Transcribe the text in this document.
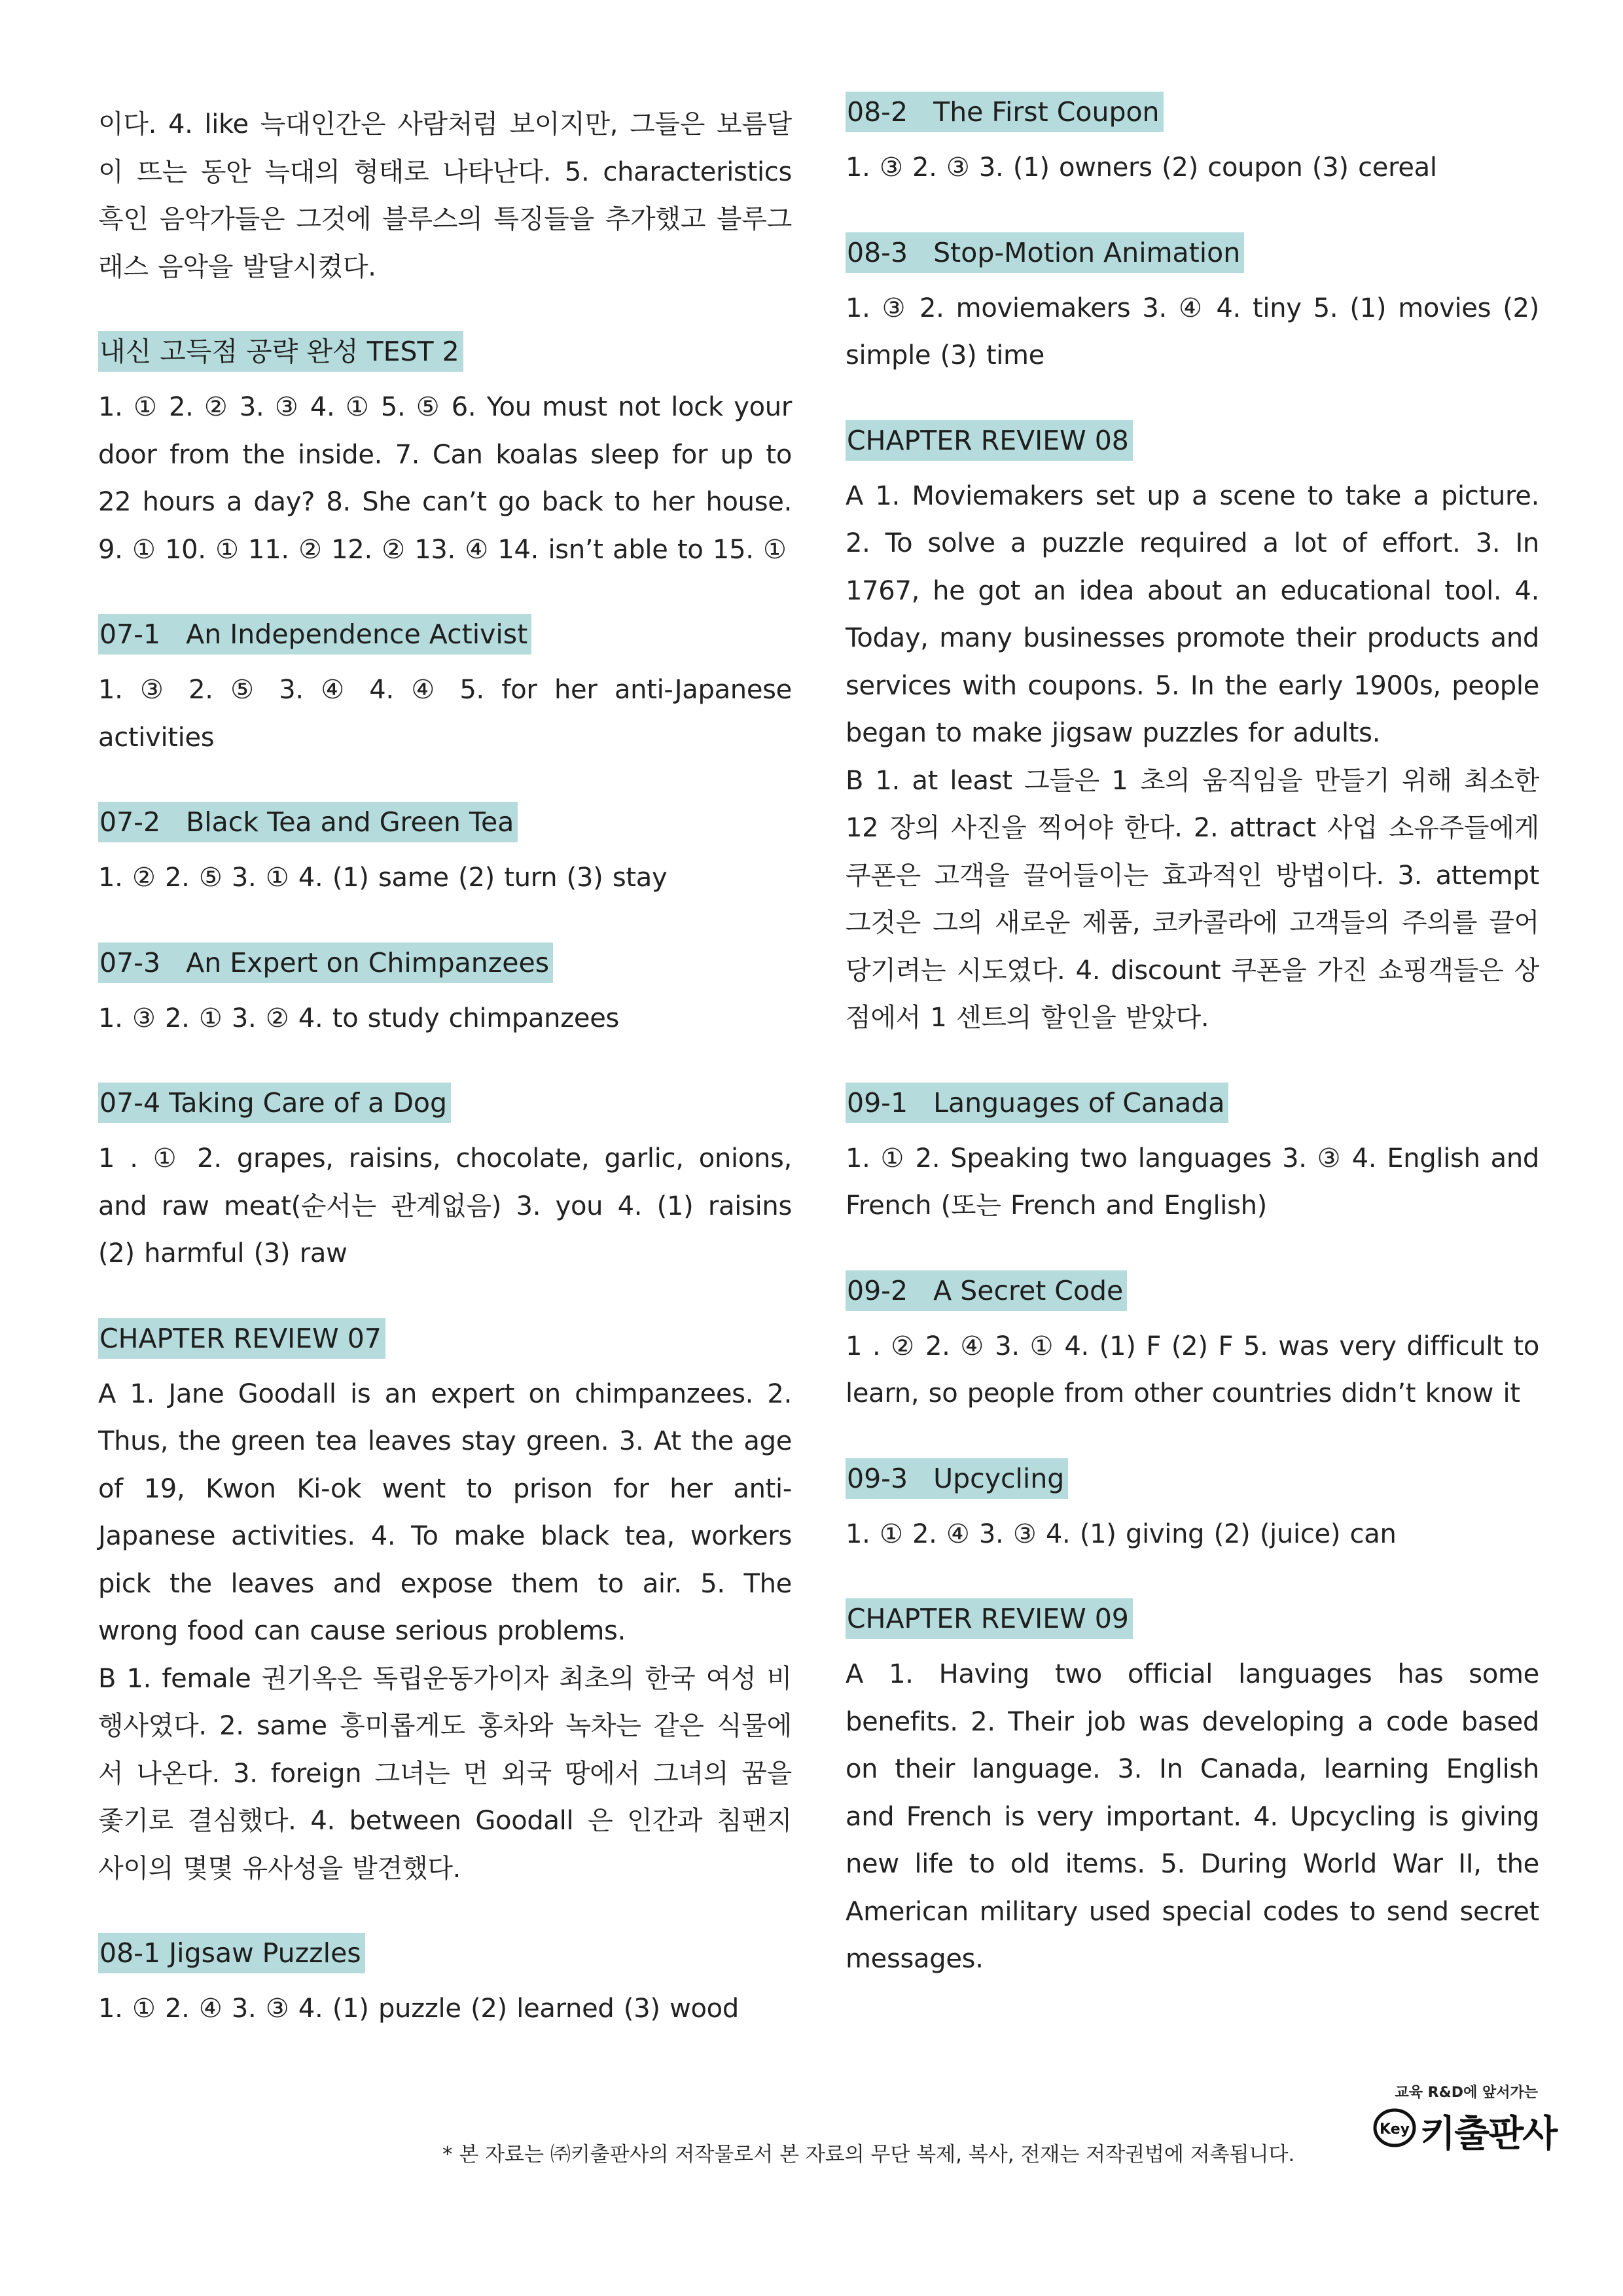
이다. 4. like 늑대인간은 사람처럼 보이지만, 그들은 보름달이 뜨는 동안 늑대의 형태로 나타난다. 5. characteristics 흑인 음악가들은 그것에 블루스의 특징들을 추가했고 블루그래스 음악을 발달시켰다.

내신 고득점 공략 완성 TEST 2

1. ① 2. ② 3. ③ 4. ① 5. ⑤ 6. You must not lock your door from the inside. 7. Can koalas sleep for up to 22 hours a day? 8. She can’t go back to her house. 9. ① 10. ① 11. ② 12. ② 13. ④ 14. isn’t able to 15. ①

07-1   An Independence Activist

1. ③ 2. ⑤ 3. ④ 4. ④ 5. for her anti-Japanese activities

07-2   Black Tea and Green Tea

1. ② 2. ⑤ 3. ① 4. (1) same (2) turn (3) stay

07-3   An Expert on Chimpanzees

1. ③ 2. ① 3. ② 4. to study chimpanzees

07-4 Taking Care of a Dog

1 . ① 2. grapes, raisins, chocolate, garlic, onions, and raw meat(순서는 관계없음) 3. you 4. (1) raisins (2) harmful (3) raw

CHAPTER REVIEW 07

A 1. Jane Goodall is an expert on chimpanzees. 2. Thus, the green tea leaves stay green. 3. At the age of 19, Kwon Ki-ok went to prison for her anti-Japanese activities. 4. To make black tea, workers pick the leaves and expose them to air. 5. The wrong food can cause serious problems.

B 1. female 권기옥은 독립운동가이자 최초의 한국 여성 비행사였다. 2. same 흥미롭게도 홍차와 녹차는 같은 식물에서 나온다. 3. foreign 그녀는 먼 외국 땅에서 그녀의 꿈을 좇기로 결심했다. 4. between Goodall 은 인간과 침팬지 사이의 몇몇 유사성을 발견했다.

08-1 Jigsaw Puzzles

1. ① 2. ④ 3. ③ 4. (1) puzzle (2) learned (3) wood

08-2   The First Coupon

1. ③ 2. ③ 3. (1) owners (2) coupon (3) cereal

08-3   Stop-Motion Animation

1. ③ 2. moviemakers 3. ④ 4. tiny 5. (1) movies (2) simple (3) time

CHAPTER REVIEW 08

A 1. Moviemakers set up a scene to take a picture. 2. To solve a puzzle required a lot of effort. 3. In 1767, he got an idea about an educational tool. 4. Today, many businesses promote their products and services with coupons. 5. In the early 1900s, people began to make jigsaw puzzles for adults.

B 1. at least 그들은 1 초의 움직임을 만들기 위해 최소한 12 장의 사진을 찍어야 한다. 2. attract 사업 소유주들에게 쿠폰은 고객을 끌어들이는 효과적인 방법이다. 3. attempt 그것은 그의 새로운 제품, 코카콜라에 고객들의 주의를 끌어당기려는 시도였다. 4. discount 쿠폰을 가진 쇼핑객들은 상점에서 1 센트의 할인을 받았다.

09-1   Languages of Canada

1. ① 2. Speaking two languages 3. ③ 4. English and French (또는 French and English)

09-2   A Secret Code

1 . ② 2. ④ 3. ① 4. (1) F (2) F 5. was very difficult to learn, so people from other countries didn’t know it

09-3   Upcycling

1. ① 2. ④ 3. ③ 4. (1) giving (2) (juice) can

CHAPTER REVIEW 09

A 1. Having two official languages has some benefits. 2. Their job was developing a code based on their language. 3. In Canada, learning English and French is very important. 4. Upcycling is giving new life to old items. 5. During World War II, the American military used special codes to send secret messages.

* 본 자료는 ㈜키출판사의 저작물로서 본 자료의 무단 복제, 복사, 전재는 저작권법에 저촉됩니다.
교육 R&D에 앞서가는
Key 키출판사
